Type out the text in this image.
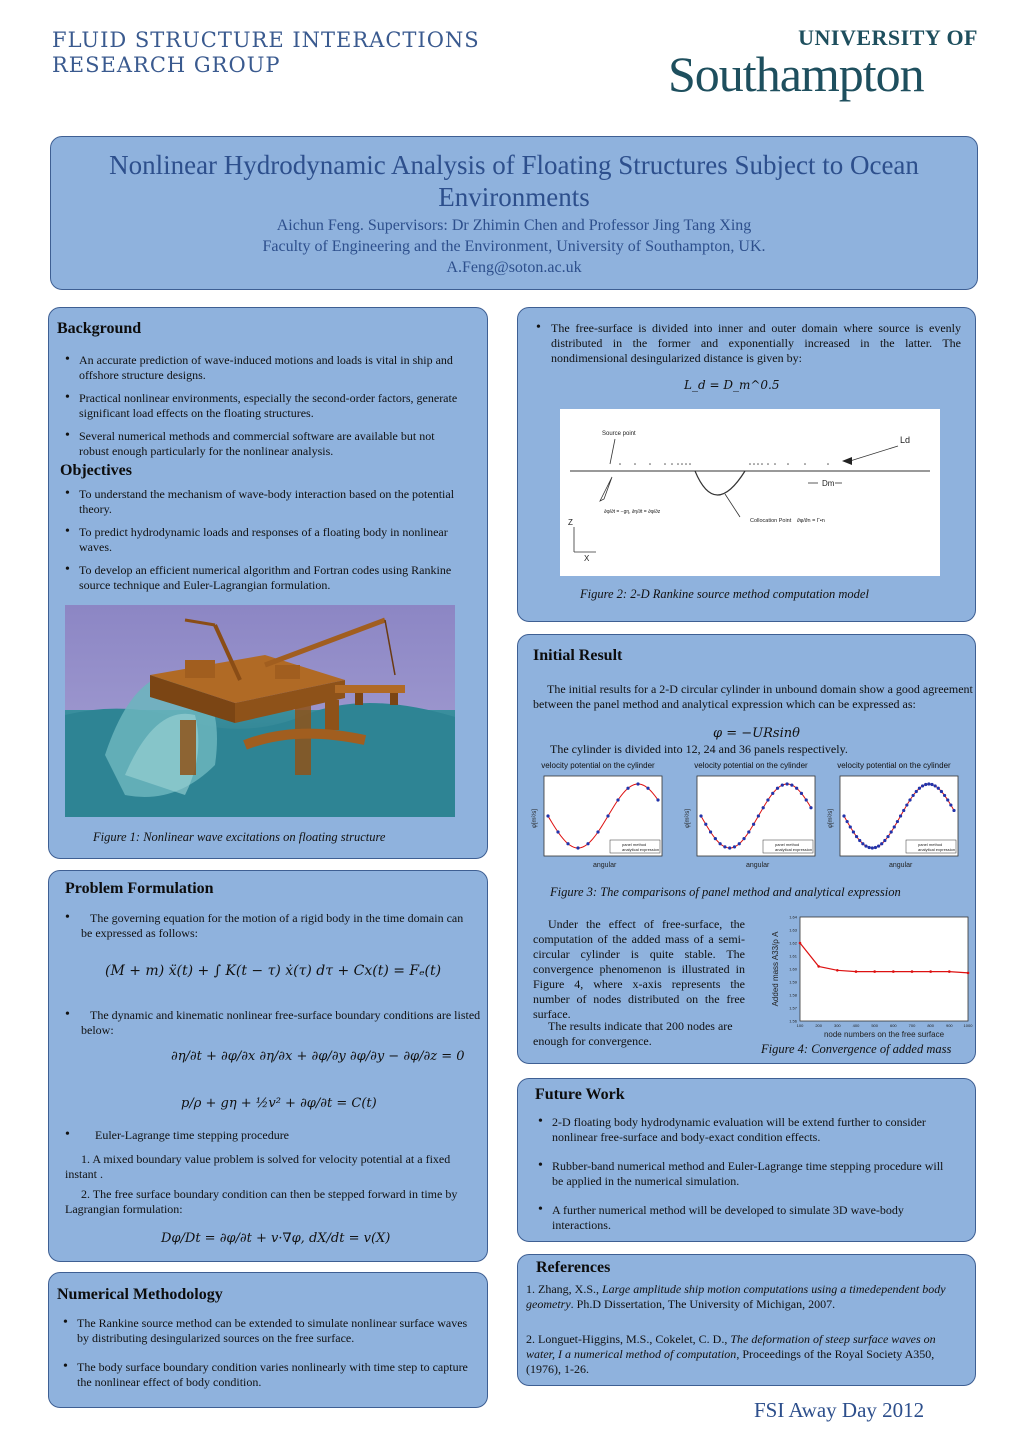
FLUID STRUCTURE INTERACTIONS
RESEARCH GROUP
UNIVERSITY OF
Southampton
Nonlinear Hydrodynamic Analysis of Floating Structures Subject to Ocean Environments
Aichun Feng. Supervisors: Dr Zhimin Chen and Professor Jing Tang Xing
Faculty of Engineering and the Environment, University of Southampton, UK.
A.Feng@soton.ac.uk
Background
• An accurate prediction of wave-induced motions and loads is vital in ship and offshore structure designs.
• Practical nonlinear environments, especially the second-order factors, generate significant load effects on the floating structures.
• Several numerical methods and commercial software are available but not robust enough particularly for the nonlinear analysis.
Objectives
• To understand the mechanism of wave-body interaction based on the potential theory.
• To predict hydrodynamic loads and responses of a floating body in nonlinear waves.
• To develop an efficient numerical algorithm and Fortran codes using Rankine source technique and Euler-Lagrangian formulation.
Figure 1: Nonlinear wave excitations on floating structure
Problem Formulation
•	The governing equation for the motion of a rigid body in the time domain can be expressed as follows:
(M + m) ẍ(t) + ∫ K(t − τ) ẋ(τ) dτ + Cx(t) = Fₑ(t)
•	The dynamic and kinematic nonlinear free-surface boundary conditions are listed below:
∂η/∂t + ∂φ/∂x ∂η/∂x + ∂φ/∂y ∂φ/∂y − ∂φ/∂z = 0
p/ρ + gη + ½v² + ∂φ/∂t = C(t)
•	Euler-Lagrange time stepping procedure
1. A mixed boundary value problem is solved for velocity potential at a fixed instant .
2. The free surface boundary condition can then be stepped forward in time by Lagrangian formulation:
Dφ/Dt = ∂φ/∂t + v·∇φ, dX/dt = v(X)
Numerical Methodology
• The Rankine source method can be extended to simulate nonlinear surface waves by distributing desingularized sources on the free surface.
• The body surface boundary condition varies nonlinearly with time step to capture the nonlinear effect of body condition.
• The free-surface is divided into inner and outer domain where source is evenly distributed in the former and exponentially increased in the latter. The nondimensional desingularized distance is given by:
L_d = D_m^0.5
Source point
Ld
Dm
∂φ/∂t = −gη, ∂η/∂t = ∂φ/∂z
Collocation Point ∂φ/∂n = Γ•n
Z
X
Figure 2: 2-D Rankine source method computation model
Initial Result
The initial results for a 2-D circular cylinder in unbound domain show a good agreement between the panel method and analytical expression which can be expressed as:
φ = −URsinθ
The cylinder is divided into 12, 24 and 36 panels respectively.
velocity potential on the cylinder
panel method
analytical expression
angular
φ[m²/s]
velocity potential on the cylinder
panel method
analytical expression
angular
φ[m²/s]
velocity potential on the cylinder
panel method
analytical expression
angular
φ[m²/s]
Figure 3: The comparisons of panel method and analytical expression
Under the effect of free-surface, the computation of the added mass of a semi-circular cylinder is quite stable. The convergence phenomenon is illustrated in Figure 4, where x-axis represents the number of nodes distributed on the free surface.
The results indicate that 200 nodes are enough for convergence.
1.56
1.57
1.58
1.59
1.60
1.61
1.62
1.63
1.64
100	200	300	400	500	600	700	800	900	1000
node numbers on the free surface
Added mass A33/ρ A
Figure 4: Convergence of added mass
Future Work
• 2-D floating body hydrodynamic evaluation will be extend further to consider nonlinear free-surface and body-exact condition effects.
• Rubber-band numerical method and Euler-Lagrange time stepping procedure will be applied in the numerical simulation.
• A further numerical method will be developed to simulate 3D wave-body interactions.
References
1. Zhang, X.S., Large amplitude ship motion computations using a timedependent body geometry. Ph.D Dissertation, The University of Michigan, 2007.
2. Longuet-Higgins, M.S., Cokelet, C. D., The deformation of steep surface waves on water, I a numerical method of computation, Proceedings of the Royal Society A350,(1976), 1-26.
FSI Away Day 2012
